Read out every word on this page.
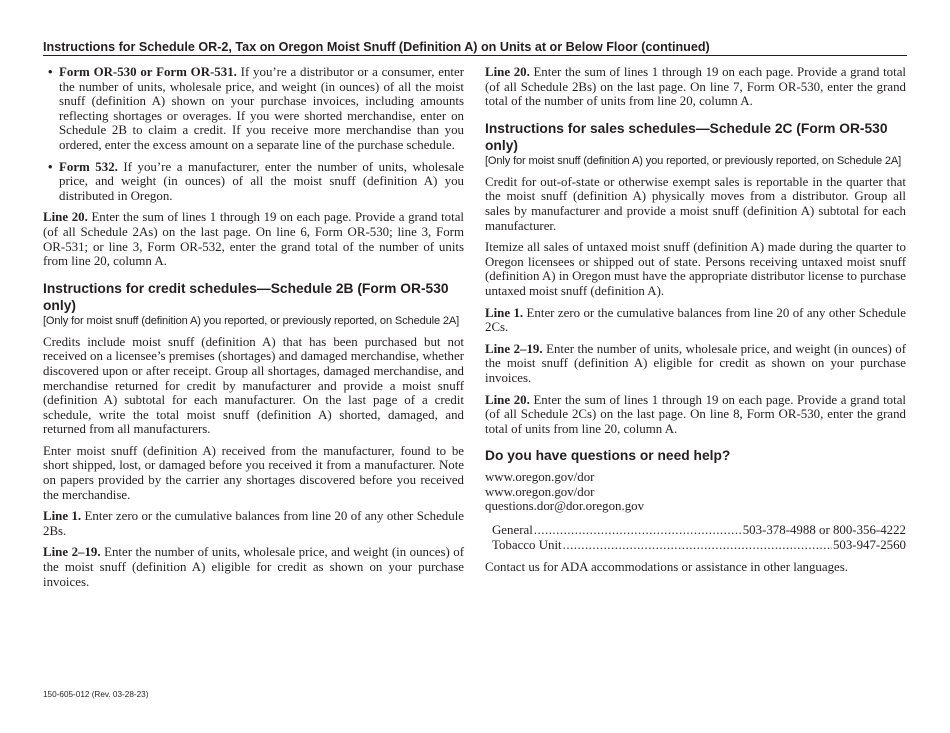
Instructions for Schedule OR-2, Tax on Oregon Moist Snuff (Definition A) on Units at or Below Floor (continued)
• Form OR-530 or Form OR-531. If you’re a distributor or a consumer, enter the number of units, wholesale price, and weight (in ounces) of all the moist snuff (definition A) shown on your purchase invoices, including amounts reflecting shortages or overages. If you were shorted merchandise, enter on Schedule 2B to claim a credit. If you receive more merchandise than you ordered, enter the excess amount on a separate line of the purchase schedule.
• Form 532. If you’re a manufacturer, enter the number of units, wholesale price, and weight (in ounces) of all the moist snuff (definition A) you distributed in Oregon.

Line 20. Enter the sum of lines 1 through 19 on each page. Provide a grand total (of all Schedule 2As) on the last page. On line 6, Form OR-530; line 3, Form OR-531; or line 3, Form OR-532, enter the grand total of the number of units from line 20, column A.

Instructions for credit schedules—Schedule 2B (Form OR-530 only)
[Only for moist snuff (definition A) you reported, or previously reported, on Schedule 2A]

Credits include moist snuff (definition A) that has been purchased but not received on a licensee’s premises (shortages) and damaged merchandise, whether discovered upon or after receipt. Group all shortages, damaged merchandise, and merchandise returned for credit by manufacturer and provide a moist snuff (definition A) subtotal for each manufacturer. On the last page of a credit schedule, write the total moist snuff (definition A) shorted, damaged, and returned from all manufacturers.

Enter moist snuff (definition A) received from the manufacturer, found to be short shipped, lost, or damaged before you received it from a manufacturer. Note on papers provided by the carrier any shortages discovered before you received the merchandise.

Line 1. Enter zero or the cumulative balances from line 20 of any other Schedule 2Bs.

Line 2–19. Enter the number of units, wholesale price, and weight (in ounces) of the moist snuff (definition A) eligible for credit as shown on your purchase invoices.

Line 20. Enter the sum of lines 1 through 19 on each page. Provide a grand total (of all Schedule 2Bs) on the last page. On line 7, Form OR-530, enter the grand total of the number of units from line 20, column A.

Instructions for sales schedules—Schedule 2C (Form OR-530 only)
[Only for moist snuff (definition A) you reported, or previously reported, on Schedule 2A]

Credit for out-of-state or otherwise exempt sales is reportable in the quarter that the moist snuff (definition A) physically moves from a distributor. Group all sales by manufacturer and provide a moist snuff (definition A) subtotal for each manufacturer.

Itemize all sales of untaxed moist snuff (definition A) made during the quarter to Oregon licensees or shipped out of state. Persons receiving untaxed moist snuff (definition A) in Oregon must have the appropriate distributor license to purchase untaxed moist snuff (definition A).

Line 1. Enter zero or the cumulative balances from line 20 of any other Schedule 2Cs.

Line 2–19. Enter the number of units, wholesale price, and weight (in ounces) of the moist snuff (definition A) eligible for credit as shown on your purchase invoices.

Line 20. Enter the sum of lines 1 through 19 on each page. Provide a grand total (of all Schedule 2Cs) on the last page. On line 8, Form OR-530, enter the grand total of units from line 20, column A.

Do you have questions or need help?

www.oregon.gov/dor

www.oregon.gov/dor

questions.dor@dor.oregon.gov

General .....	503-378-4988 or 800-356-4222
Tobacco Unit .....	503-947-2560

Contact us for ADA accommodations or assistance in other languages.

150-605-012 (Rev. 03-28-23)
